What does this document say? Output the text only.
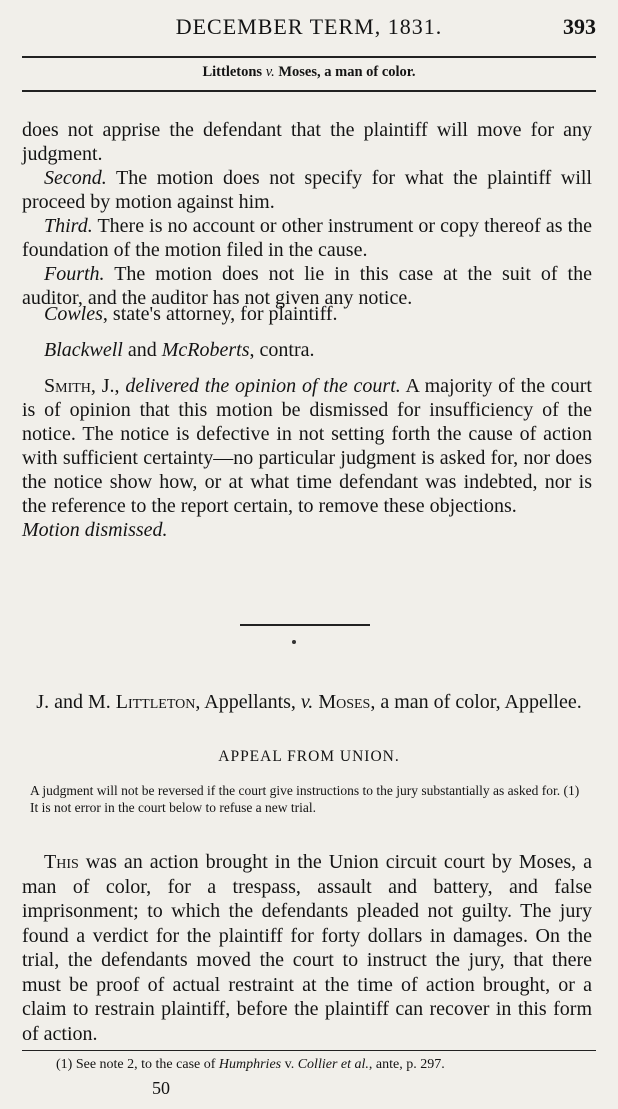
DECEMBER TERM, 1831.	393
Littletons v. Moses, a man of color.

does not apprise the defendant that the plaintiff will move for any judgment.

Second. The motion does not specify for what the plaintiff will proceed by motion against him.

Third. There is no account or other instrument or copy thereof as the foundation of the motion filed in the cause.

Fourth. The motion does not lie in this case at the suit of the auditor, and the auditor has not given any notice.

Cowles, state's attorney, for plaintiff.
Blackwell and McRoberts, contra.

Smith, J., delivered the opinion of the court. A majority of the court is of opinion that this motion be dismissed for insufficiency of the notice. The notice is defective in not setting forth the cause of action with sufficient certainty—no particular judgment is asked for, nor does the notice show how, or at what time defendant was indebted, nor is the reference to the report certain, to remove these objections.

Motion dismissed.

J. and M. Littleton, Appellants, v. Moses, a man of color, Appellee.
APPEAL FROM UNION.

A judgment will not be reversed if the court give instructions to the jury substantially as asked for. (1)

It is not error in the court below to refuse a new trial.

This was an action brought in the Union circuit court by Moses, a man of color, for a trespass, assault and battery, and false imprisonment; to which the defendants pleaded not guilty. The jury found a verdict for the plaintiff for forty dollars in damages. On the trial, the defendants moved the court to instruct the jury, that there must be proof of actual restraint at the time of action brought, or a claim to restrain plaintiff, before the plaintiff can recover in this form of action.

(1) See note 2, to the case of Humphries v. Collier et al., ante, p. 297.
50
